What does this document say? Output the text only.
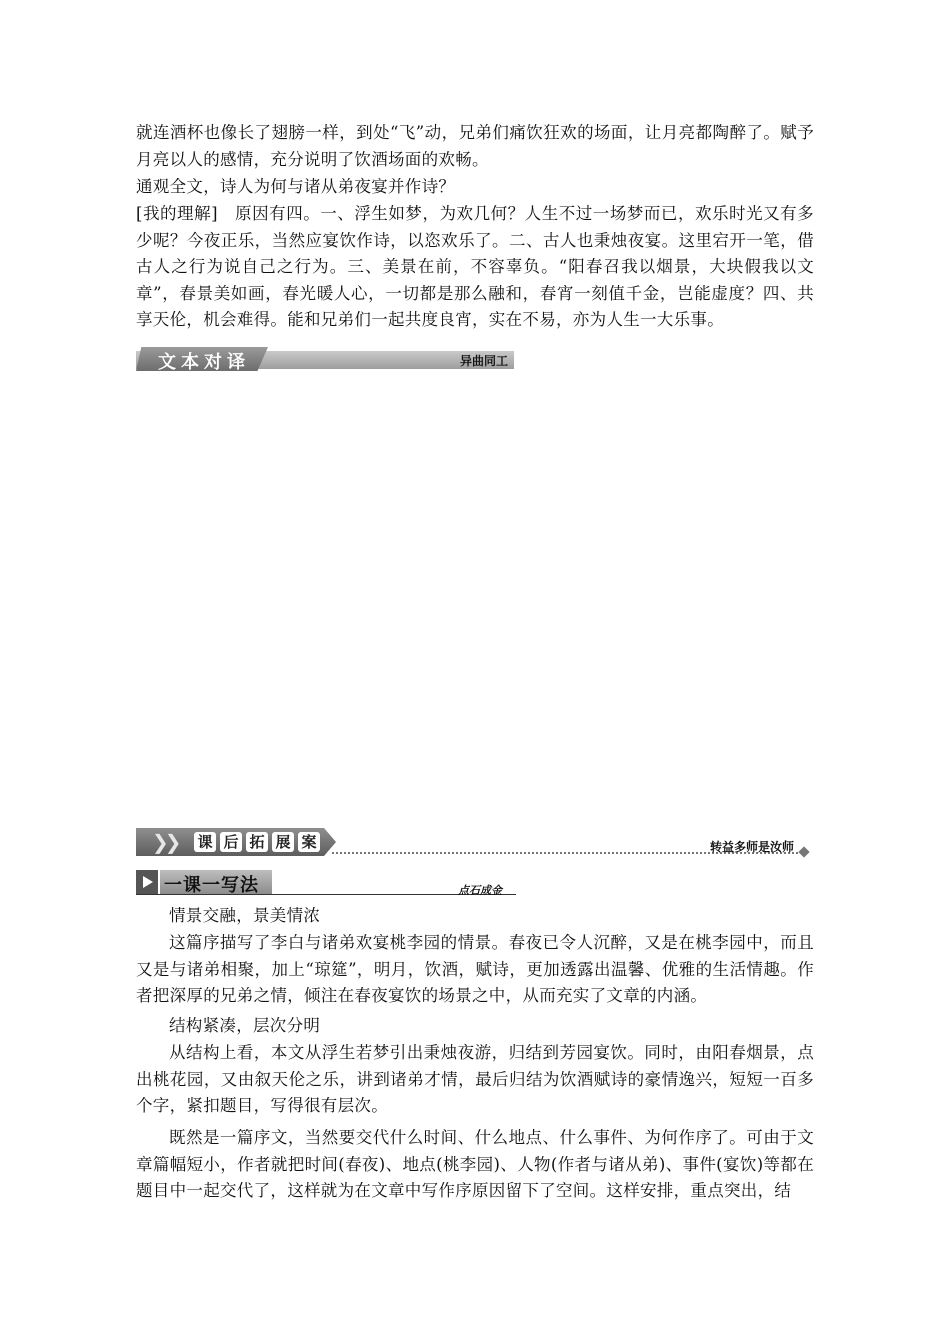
就连酒杯也像长了翅膀一样，到处“飞”动，兄弟们痛饮狂欢的场面，让月亮都陶醉了。赋予月亮以人的感情，充分说明了饮酒场面的欢畅。
通观全文，诗人为何与诸从弟夜宴并作诗？
[我的理解]　原因有四。一、浮生如梦，为欢几何？人生不过一场梦而已，欢乐时光又有多少呢？今夜正乐，当然应宴饮作诗，以恣欢乐了。二、古人也秉烛夜宴。这里宕开一笔，借古人之行为说自己之行为。三、美景在前，不容辜负。“阳春召我以烟景，大块假我以文章”，春景美如画，春光暖人心，一切都是那么融和，春宵一刻值千金，岂能虚度？四、共享天伦，机会难得。能和兄弟们一起共度良宵，实在不易，亦为人生一大乐事。
文本对译	异曲同工
❯❯ 课 后 拓 展 案	转益多师是汝师
一课一写法	点石成金
情景交融，景美情浓
这篇序描写了李白与诸弟欢宴桃李园的情景。春夜已令人沉醉，又是在桃李园中，而且又是与诸弟相聚，加上“琼筵”，明月，饮酒，赋诗，更加透露出温馨、优雅的生活情趣。作者把深厚的兄弟之情，倾注在春夜宴饮的场景之中，从而充实了文章的内涵。
结构紧凑，层次分明
从结构上看，本文从浮生若梦引出秉烛夜游，归结到芳园宴饮。同时，由阳春烟景，点出桃花园，又由叙天伦之乐，讲到诸弟才情，最后归结为饮酒赋诗的豪情逸兴，短短一百多个字，紧扣题目，写得很有层次。
既然是一篇序文，当然要交代什么时间、什么地点、什么事件、为何作序了。可由于文章篇幅短小，作者就把时间(春夜)、地点(桃李园)、人物(作者与诸从弟)、事件(宴饮)等都在题目中一起交代了，这样就为在文章中写作序原因留下了空间。这样安排，重点突出，结
